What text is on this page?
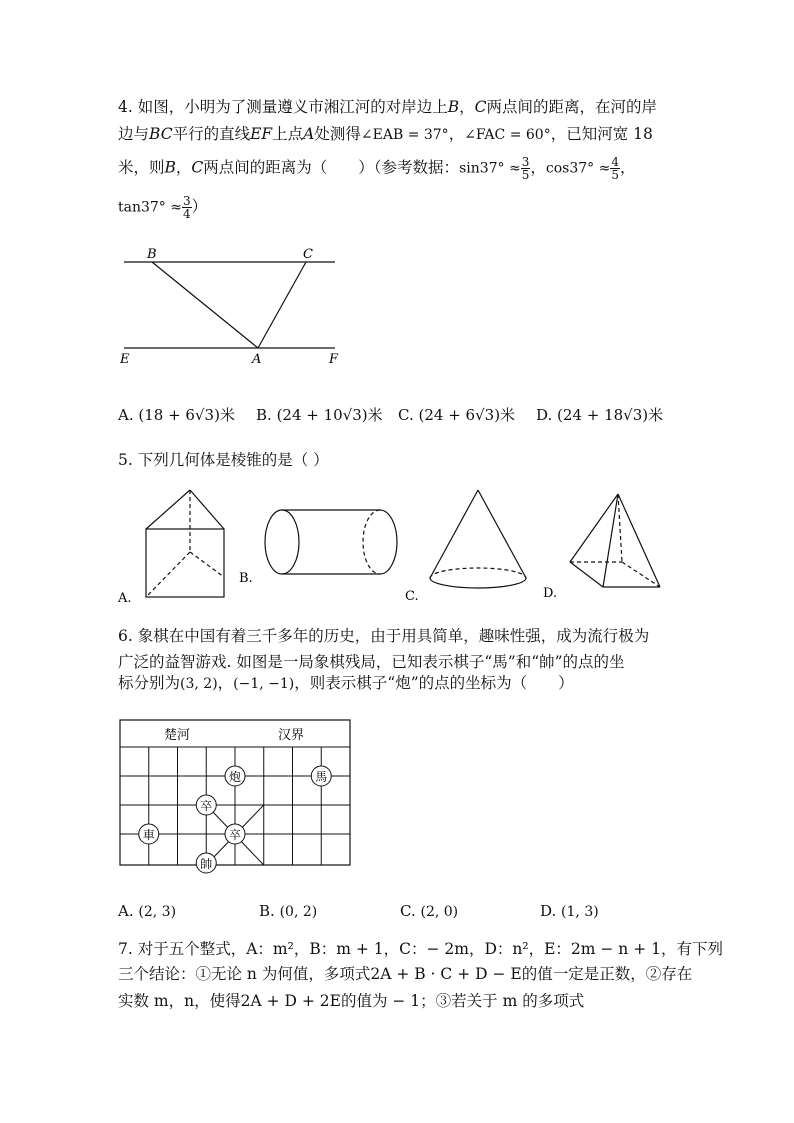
4. 如图，小明为了测量遵义市湘江河的对岸边上B，C两点间的距离，在河的岸
边与BC平行的直线EF上点A处测得∠EAB = 37°，∠FAC = 60°，已知河宽 18
米，则B，C两点间的距离为（　　）（参考数据：$\sin 37^\circ \approx \frac{3}{5}$ ，$\cos 37^\circ \approx \frac{4}{5}$ ，
$\tan 37^\circ \approx \frac{3}{4}$ ）
B	C
E	A	F
A. (18 + 6√3)米 B. (24 + 10√3)米 C. (24 + 6√3)米 D. (24 + 18√3)米
5. 下列几何体是棱锥的是（ ）
A.
B.
C.	D.
6. 象棋在中国有着三千多年的历史，由于用具简单，趣味性强，成为流行极为
广泛的益智游戏. 如图是一局象棋残局，已知表示棋子“馬”和“帥”的点的坐
标分别为(3, 2)，(−1, −1)，则表示棋子“炮”的点的坐标为（　　）
楚河	汉界
炮	馬
卒
卒
車
帥
A. (2, 3)	B. (0, 2)	C. (2, 0)	D. (1, 3)
7. 对于五个整式，A：m²，B：m + 1，C：− 2m，D：n²，E：2m − n + 1，有下列
三个结论：①无论 n 为何值，多项式2A + B · C + D − E的值一定是正数，②存在
实数 m，n，使得2A + D + 2E的值为 − 1；③若关于 m 的多项式
